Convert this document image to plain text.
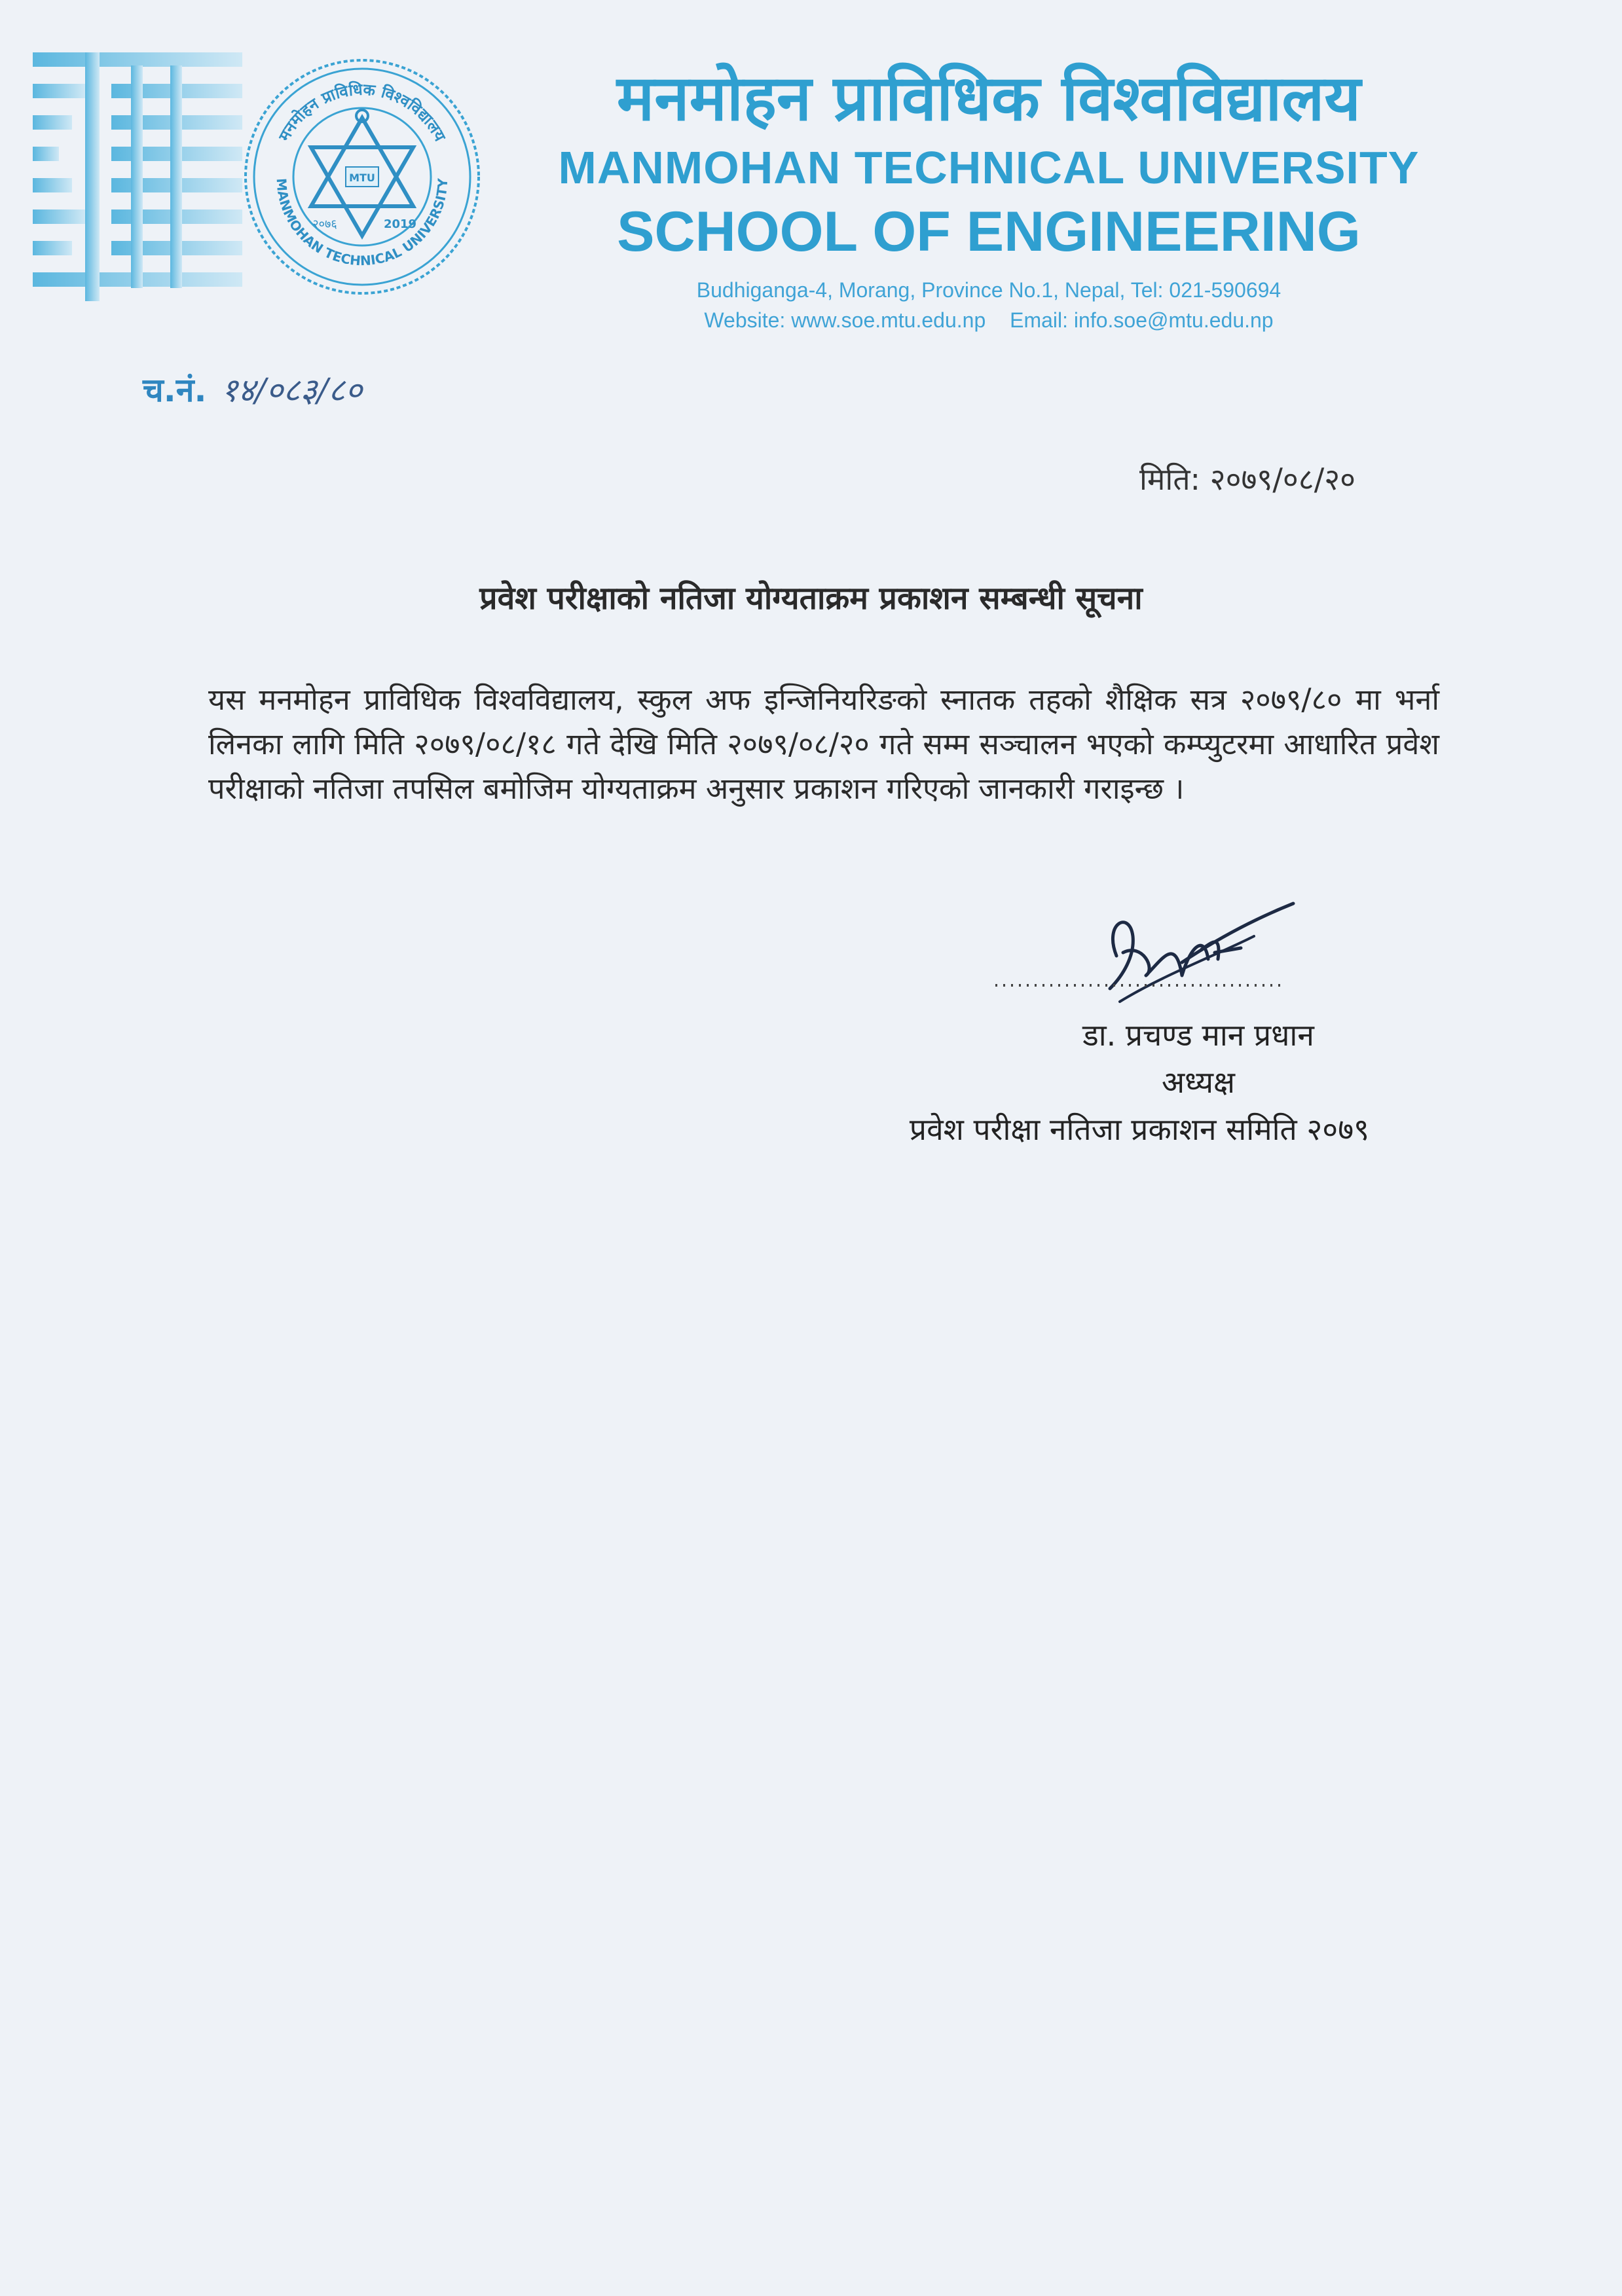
मनमोहन प्राविधिक विश्वविद्यालय
MANMOHAN TECHNICAL UNIVERSITY
MTU
२०७६	2019
मनमोहन प्राविधिक विश्वविद्यालय
MANMOHAN TECHNICAL UNIVERSITY
SCHOOL OF ENGINEERING
Budhiganga-4, Morang, Province No.1, Nepal, Tel: 021-590694
Website: www.soe.mtu.edu.np Email: info.soe@mtu.edu.np
च.नं. १४/०८३/८०
मिति: २०७९/०८/२०
प्रवेश परीक्षाको नतिजा योग्यताक्रम प्रकाशन सम्बन्धी सूचना
यस मनमोहन प्राविधिक विश्वविद्यालय, स्कुल अफ इन्जिनियरिङको स्नातक तहको शैक्षिक सत्र २०७९/८० मा भर्ना लिनका लागि मिति २०७९/०८/१८ गते देखि मिति २०७९/०८/२० गते सम्म सञ्चालन भएको कम्प्युटरमा आधारित प्रवेश परीक्षाको नतिजा तपसिल बमोजिम योग्यताक्रम अनुसार प्रकाशन गरिएको जानकारी गराइन्छ ।
डा. प्रचण्ड मान प्रधान
अध्यक्ष
प्रवेश परीक्षा नतिजा प्रकाशन समिति २०७९
